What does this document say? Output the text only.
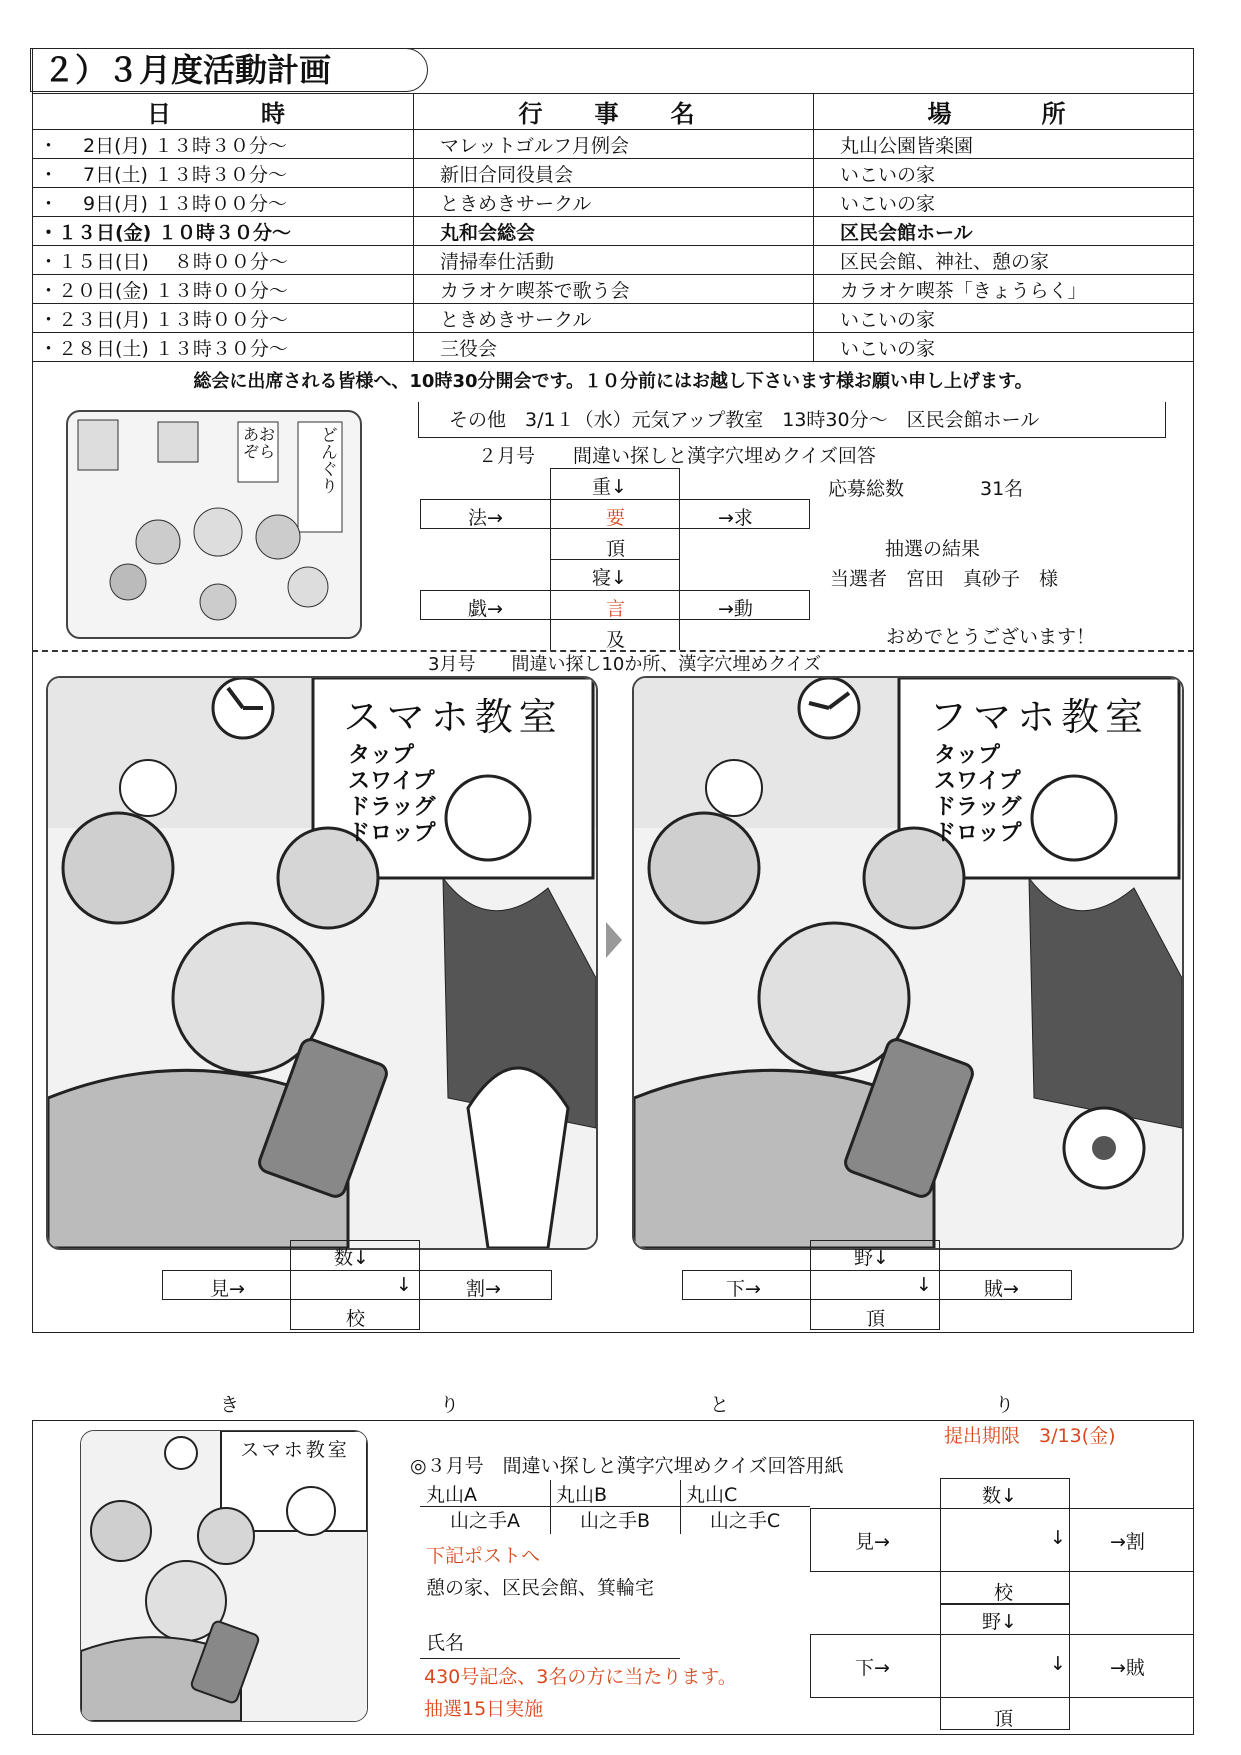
２）３月度活動計画
日　　時	行　事　名	場　　所
・　 2日(月) １３時３０分～	マレットゴルフ月例会	丸山公園皆楽園
・　 7日(土) １３時３０分～	新旧合同役員会	いこいの家
・　 9日(月) １３時００分～	ときめきサークル	いこいの家
・１３日(金) １０時３０分～	丸和会総会	区民会館ホール
・１５日(日) 　８時００分～	清掃奉仕活動	区民会館、神社、憩の家
・２０日(金) １３時００分～	カラオケ喫茶で歌う会	カラオケ喫茶「きょうらく」
・２３日(月) １３時００分～	ときめきサークル	いこいの家
・２８日(土) １３時３０分～	三役会	いこいの家
総会に出席される皆様へ、10時30分開会です。１０分前にはお越し下さいます様お願い申し上げます。
その他　3/1１（水）元気アップ教室　13時30分～　区民会館ホール
あおぞら	どんぐり	２月号　　間違い探しと漢字穴埋めクイズ回答
重↓
法→	要	→求
頂
寝↓
戯→	言	→動
及
応募総数	31名
抽選の結果
当選者　宮田　真砂子　様
おめでとうございます！
3月号　　間違い探し10か所、漢字穴埋めクイズ
スマホ教室
タップ
スワイプ
ドラッグ
ドロップ
フマホ教室
タップ
スワイプ
ドラッグ
ドロップ
数↓
見→	↓	割→
校
野↓
下→	↓	賊→
頂
き	り	と	り
スマホ教室
提出期限　3/13(金)
◎３月号　間違い探しと漢字穴埋めクイズ回答用紙
丸山A	丸山B	丸山C
山之手A	山之手B	山之手C
下記ポストへ
憩の家、区民会館、箕輪宅
氏名
430号記念、3名の方に当たります。
抽選15日実施
数↓
見→	↓ →割
校
野↓
下→	↓ →賊
頂
